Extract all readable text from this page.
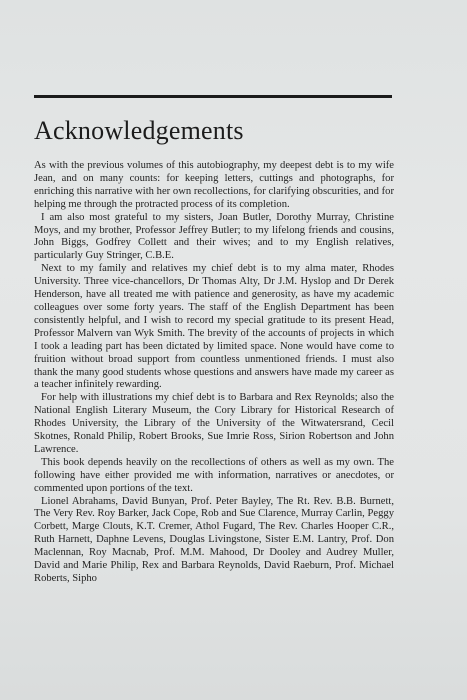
Acknowledgements

As with the previous volumes of this autobiography, my deepest debt is to my wife Jean, and on many counts: for keeping letters, cuttings and photographs, for enriching this narrative with her own recollections, for clarifying obscurities, and for helping me through the protracted process of its completion.

I am also most grateful to my sisters, Joan Butler, Dorothy Murray, Christine Moys, and my brother, Professor Jeffrey Butler; to my lifelong friends and cousins, John Biggs, Godfrey Collett and their wives; and to my English relatives, particularly Guy Stringer, C.B.E.

Next to my family and relatives my chief debt is to my alma mater, Rhodes University. Three vice-chancellors, Dr Thomas Alty, Dr J.M. Hyslop and Dr Derek Henderson, have all treated me with patience and generosity, as have my academic colleagues over some forty years. The staff of the English Department has been consistently helpful, and I wish to record my special gratitude to its present Head, Professor Malvern van Wyk Smith. The brevity of the accounts of projects in which I took a leading part has been dictated by limited space. None would have come to fruition without broad support from countless unmentioned friends. I must also thank the many good students whose questions and answers have made my career as a teacher infinitely rewarding.

For help with illustrations my chief debt is to Barbara and Rex Reynolds; also the National English Literary Museum, the Cory Library for Historical Research of Rhodes University, the Library of the University of the Witwatersrand, Cecil Skotnes, Ronald Philip, Robert Brooks, Sue Imrie Ross, Sirion Robertson and John Lawrence.

This book depends heavily on the recollections of others as well as my own. The following have either provided me with information, narratives or anecdotes, or commented upon portions of the text.

Lionel Abrahams, David Bunyan, Prof. Peter Bayley, The Rt. Rev. B.B. Burnett, The Very Rev. Roy Barker, Jack Cope, Rob and Sue Clarence, Murray Carlin, Peggy Corbett, Marge Clouts, K.T. Cremer, Athol Fugard, The Rev. Charles Hooper C.R., Ruth Harnett, Daphne Levens, Douglas Livingstone, Sister E.M. Lantry, Prof. Don Maclennan, Roy Macnab, Prof. M.M. Mahood, Dr Dooley and Audrey Muller, David and Marie Philip, Rex and Barbara Reynolds, David Raeburn, Prof. Michael Roberts, Sipho
